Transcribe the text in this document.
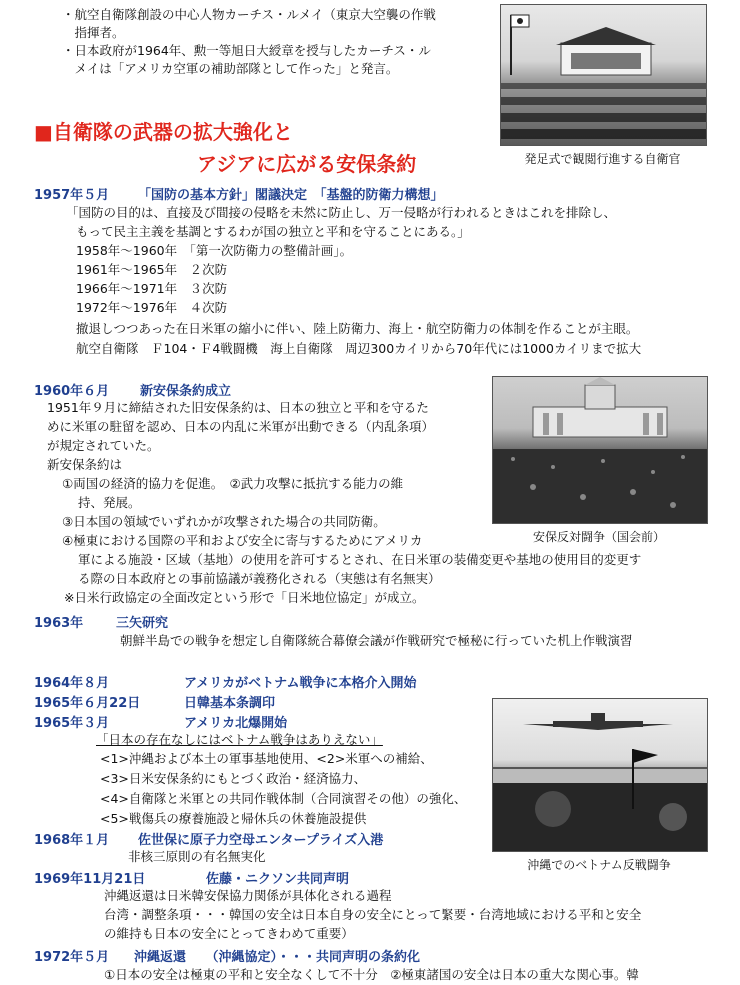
・航空自衛隊創設の中心人物カーチス・ルメイ（東京大空襲の作戦
　指揮者。
・日本政府が1964年、勲一等旭日大綬章を授与したカーチス・ル
　メイは「アメリカ空軍の補助部隊として作った」と発言。
発足式で観閲行進する自衛官
■自衛隊の武器の拡大強化と
アジアに広がる安保条約
1957年５月 「国防の基本方針」閣議決定　「基盤的防衛力構想」
「国防の目的は、直接及び間接の侵略を未然に防止し、万一侵略が行われるときはこれを排除し、
もって民主主義を基調とするわが国の独立と平和を守ることにある。」
1958年～1960年　「第一次防衛力の整備計画」。
1961年～1965年　２次防
1966年～1971年　３次防
1972年～1976年　４次防
撤退しつつあった在日米軍の縮小に伴い、陸上防衛力、海上・航空防衛力の体制を作ることが主眼。
航空自衛隊　Ｆ104・Ｆ4戦闘機　海上自衛隊　周辺300カイリから70年代には1000カイリまで拡大
1960年６月 新安保条約成立
安保反対闘争（国会前）
1951年９月に締結された旧安保条約は、日本の独立と平和を守るた
めに米軍の駐留を認め、日本の内乱に米軍が出動できる（内乱条項）
が規定されていた。
新安保条約は
①両国の経済的協力を促進。　②武力攻撃に抵抗する能力の維
持、発展。
③日本国の領域でいずれかが攻撃された場合の共同防衛。
④極東における国際の平和および安全に寄与するためにアメリカ
軍による施設・区域（基地）の使用を許可するとされ、在日米軍の装備変更や基地の使用目的変更す
る際の日本政府との事前協議が義務化される（実態は有名無実）
※日米行政協定の全面改定という形で「日米地位協定」が成立。
1963年	三矢研究
朝鮮半島での戦争を想定し自衛隊統合幕僚会議が作戦研究で極秘に行っていた机上作戦演習
1964年８月	アメリカがベトナム戦争に本格介入開始
1965年６月22日	日韓基本条調印
1965年３月	アメリカ北爆開始
沖縄でのベトナム反戦闘争
「日本の存在なしにはベトナム戦争はありえない」
<1>沖縄および本土の軍事基地使用、<2>米軍への補給、
<3>日米安保条約にもとづく政治・経済協力、
<4>自衛隊と米軍との共同作戦体制（合同演習その他）の強化、
<5>戦傷兵の療養施設と帰休兵の休養施設提供
1968年１月 佐世保に原子力空母エンタープライズ入港
非核三原則の有名無実化
1969年11月21日	佐藤・ニクソン共同声明
沖縄返還は日米韓安保協力関係が具体化される過程
台湾・調整条項・・・韓国の安全は日本自身の安全にとって緊要・台湾地域における平和と安全
の維持も日本の安全にとってきわめて重要）
1972年５月 沖縄返還　　（沖縄協定）・・・共同声明の条約化
①日本の安全は極東の平和と安全なくして不十分　②極東諸国の安全は日本の重大な関心事。韓
